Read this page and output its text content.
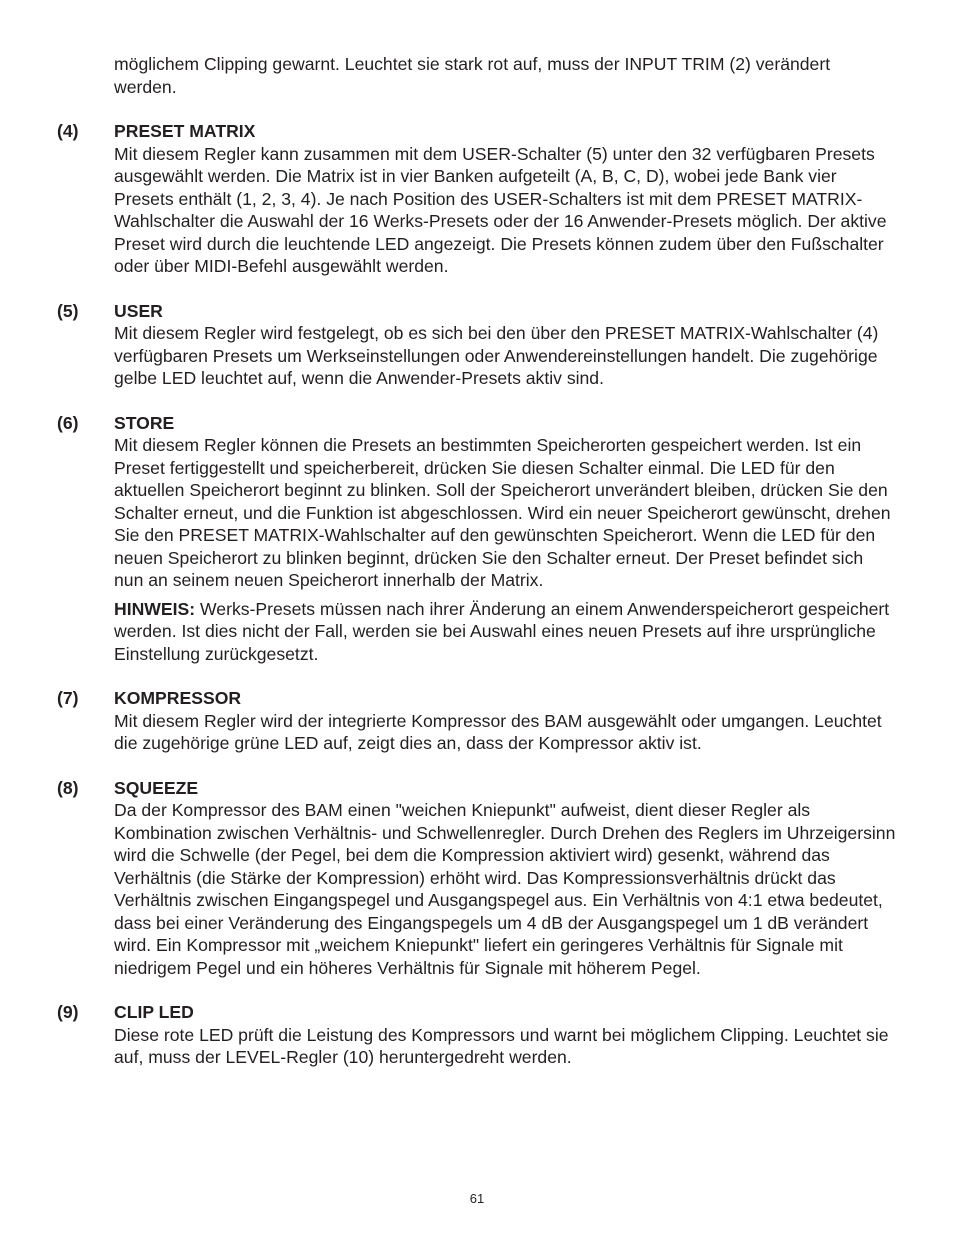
möglichem Clipping gewarnt. Leuchtet sie stark rot auf, muss der INPUT TRIM (2) verändert werden.
(4)	PRESET MATRIX
Mit diesem Regler kann zusammen mit dem USER-Schalter (5) unter den 32 verfügbaren Presets ausgewählt werden. Die Matrix ist in vier Banken aufgeteilt (A, B, C, D), wobei jede Bank vier Presets enthält (1, 2, 3, 4). Je nach Position des USER-Schalters ist mit dem PRESET MATRIX-Wahlschalter die Auswahl der 16 Werks-Presets oder der 16 Anwender-Presets möglich. Der aktive Preset wird durch die leuchtende LED angezeigt. Die Presets können zudem über den Fußschalter oder über MIDI-Befehl ausgewählt werden.
(5)	USER
Mit diesem Regler wird festgelegt, ob es sich bei den über den PRESET MATRIX-Wahlschalter (4) verfügbaren Presets um Werkseinstellungen oder Anwendereinstellungen handelt. Die zugehörige gelbe LED leuchtet auf, wenn die Anwender-Presets aktiv sind.
(6)	STORE
Mit diesem Regler können die Presets an bestimmten Speicherorten gespeichert werden. Ist ein Preset fertiggestellt und speicherbereit, drücken Sie diesen Schalter einmal. Die LED für den aktuellen Speicherort beginnt zu blinken. Soll der Speicherort unverändert bleiben, drücken Sie den Schalter erneut, und die Funktion ist abgeschlossen. Wird ein neuer Speicherort gewünscht, drehen Sie den PRESET MATRIX-Wahlschalter auf den gewünschten Speicherort. Wenn die LED für den neuen Speicherort zu blinken beginnt, drücken Sie den Schalter erneut. Der Preset befindet sich nun an seinem neuen Speicherort innerhalb der Matrix.
HINWEIS: Werks-Presets müssen nach ihrer Änderung an einem Anwenderspeicherort gespeichert werden. Ist dies nicht der Fall, werden sie bei Auswahl eines neuen Presets auf ihre ursprüngliche Einstellung zurückgesetzt.
(7)	KOMPRESSOR
Mit diesem Regler wird der integrierte Kompressor des BAM ausgewählt oder umgangen. Leuchtet die zugehörige grüne LED auf, zeigt dies an, dass der Kompressor aktiv ist.
(8)	SQUEEZE
Da der Kompressor des BAM einen "weichen Kniepunkt" aufweist, dient dieser Regler als Kombination zwischen Verhältnis- und Schwellenregler. Durch Drehen des Reglers im Uhrzeigersinn wird die Schwelle (der Pegel, bei dem die Kompression aktiviert wird) gesenkt, während das Verhältnis (die Stärke der Kompression) erhöht wird. Das Kompressionsverhältnis drückt das Verhältnis zwischen Eingangspegel und Ausgangspegel aus. Ein Verhältnis von 4:1 etwa bedeutet, dass bei einer Veränderung des Eingangspegels um 4 dB der Ausgangspegel um 1 dB verändert wird. Ein Kompressor mit „weichem Kniepunkt" liefert ein geringeres Verhältnis für Signale mit niedrigem Pegel und ein höheres Verhältnis für Signale mit höherem Pegel.
(9)	CLIP LED
Diese rote LED prüft die Leistung des Kompressors und warnt bei möglichem Clipping. Leuchtet sie auf, muss der LEVEL-Regler (10) heruntergedreht werden.
61
